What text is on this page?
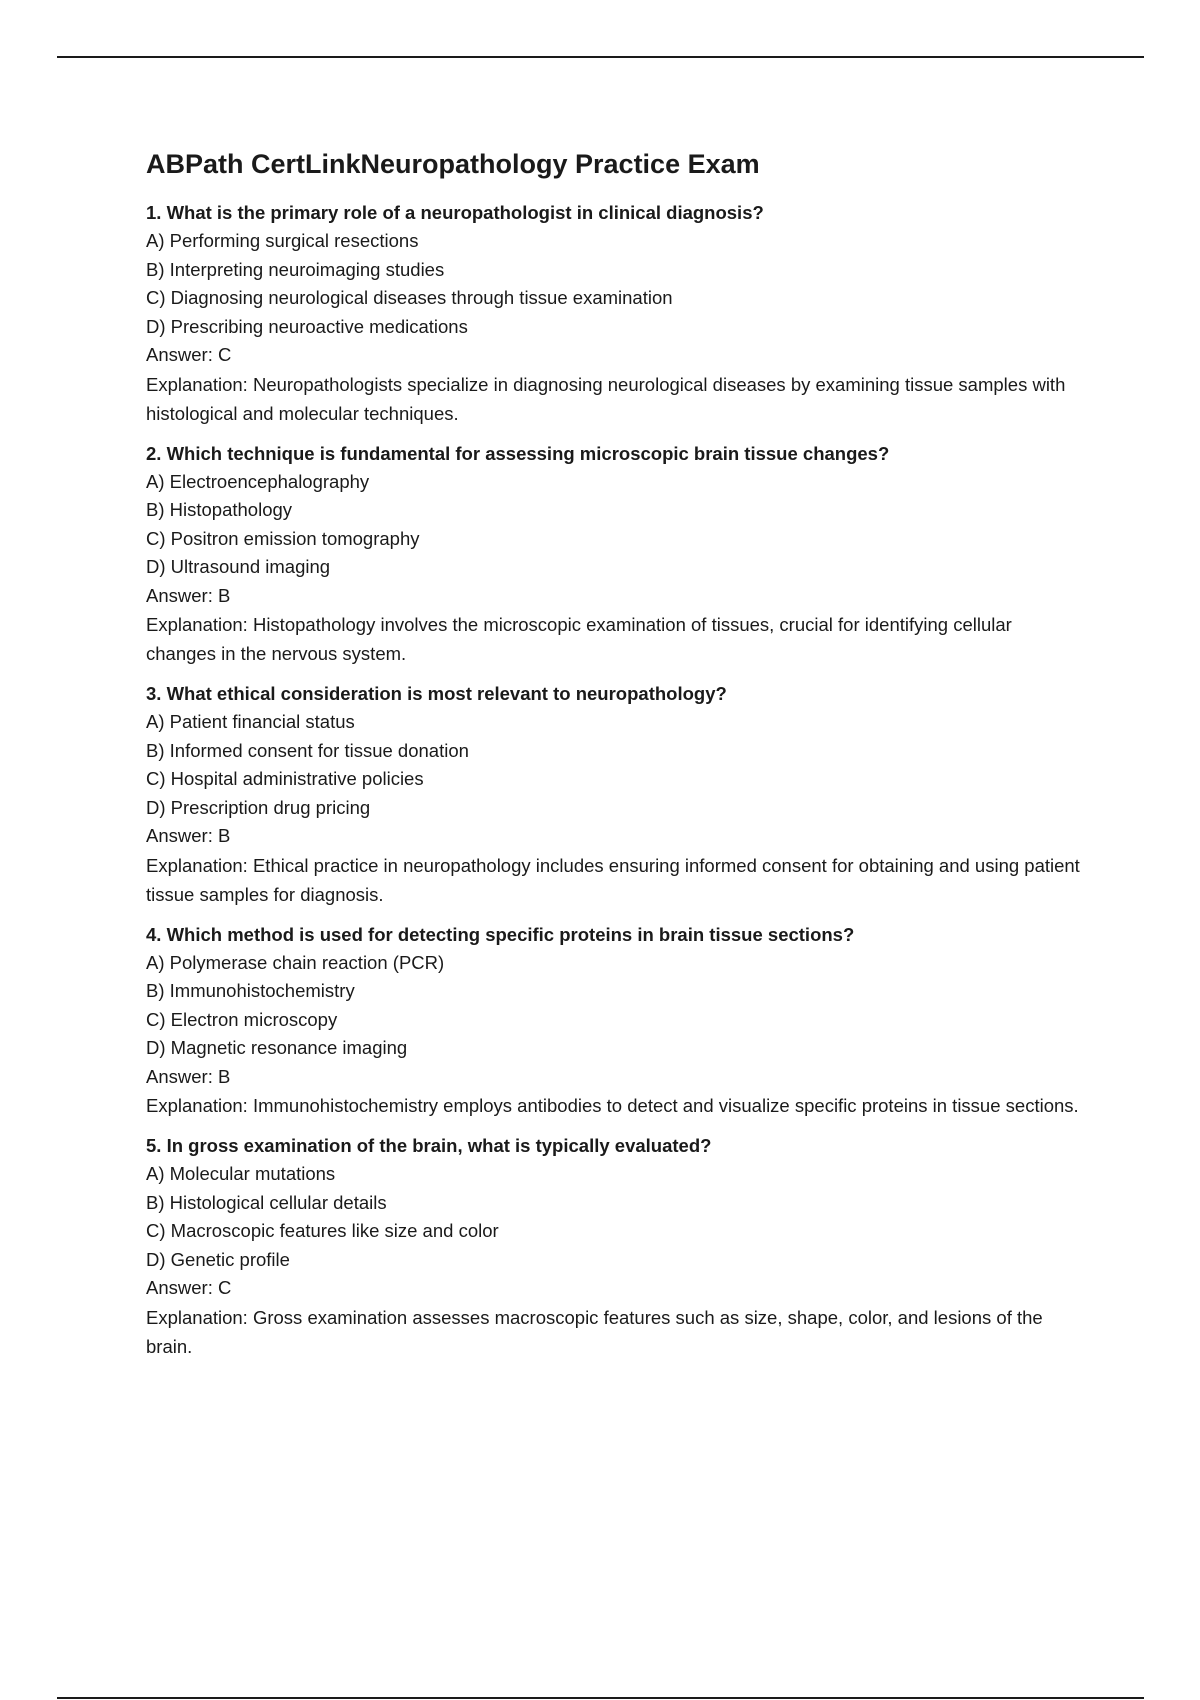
ABPath CertLinkNeuropathology Practice Exam

1. What is the primary role of a neuropathologist in clinical diagnosis?

A) Performing surgical resections

B) Interpreting neuroimaging studies

C) Diagnosing neurological diseases through tissue examination

D) Prescribing neuroactive medications

Answer: C

Explanation: Neuropathologists specialize in diagnosing neurological diseases by examining tissue samples with histological and molecular techniques.

2. Which technique is fundamental for assessing microscopic brain tissue changes?

A) Electroencephalography

B) Histopathology

C) Positron emission tomography

D) Ultrasound imaging

Answer: B

Explanation: Histopathology involves the microscopic examination of tissues, crucial for identifying cellular changes in the nervous system.

3. What ethical consideration is most relevant to neuropathology?

A) Patient financial status

B) Informed consent for tissue donation

C) Hospital administrative policies

D) Prescription drug pricing

Answer: B

Explanation: Ethical practice in neuropathology includes ensuring informed consent for obtaining and using patient tissue samples for diagnosis.

4. Which method is used for detecting specific proteins in brain tissue sections?

A) Polymerase chain reaction (PCR)

B) Immunohistochemistry

C) Electron microscopy

D) Magnetic resonance imaging

Answer: B

Explanation: Immunohistochemistry employs antibodies to detect and visualize specific proteins in tissue sections.

5. In gross examination of the brain, what is typically evaluated?

A) Molecular mutations

B) Histological cellular details

C) Macroscopic features like size and color

D) Genetic profile

Answer: C

Explanation: Gross examination assesses macroscopic features such as size, shape, color, and lesions of the brain.
